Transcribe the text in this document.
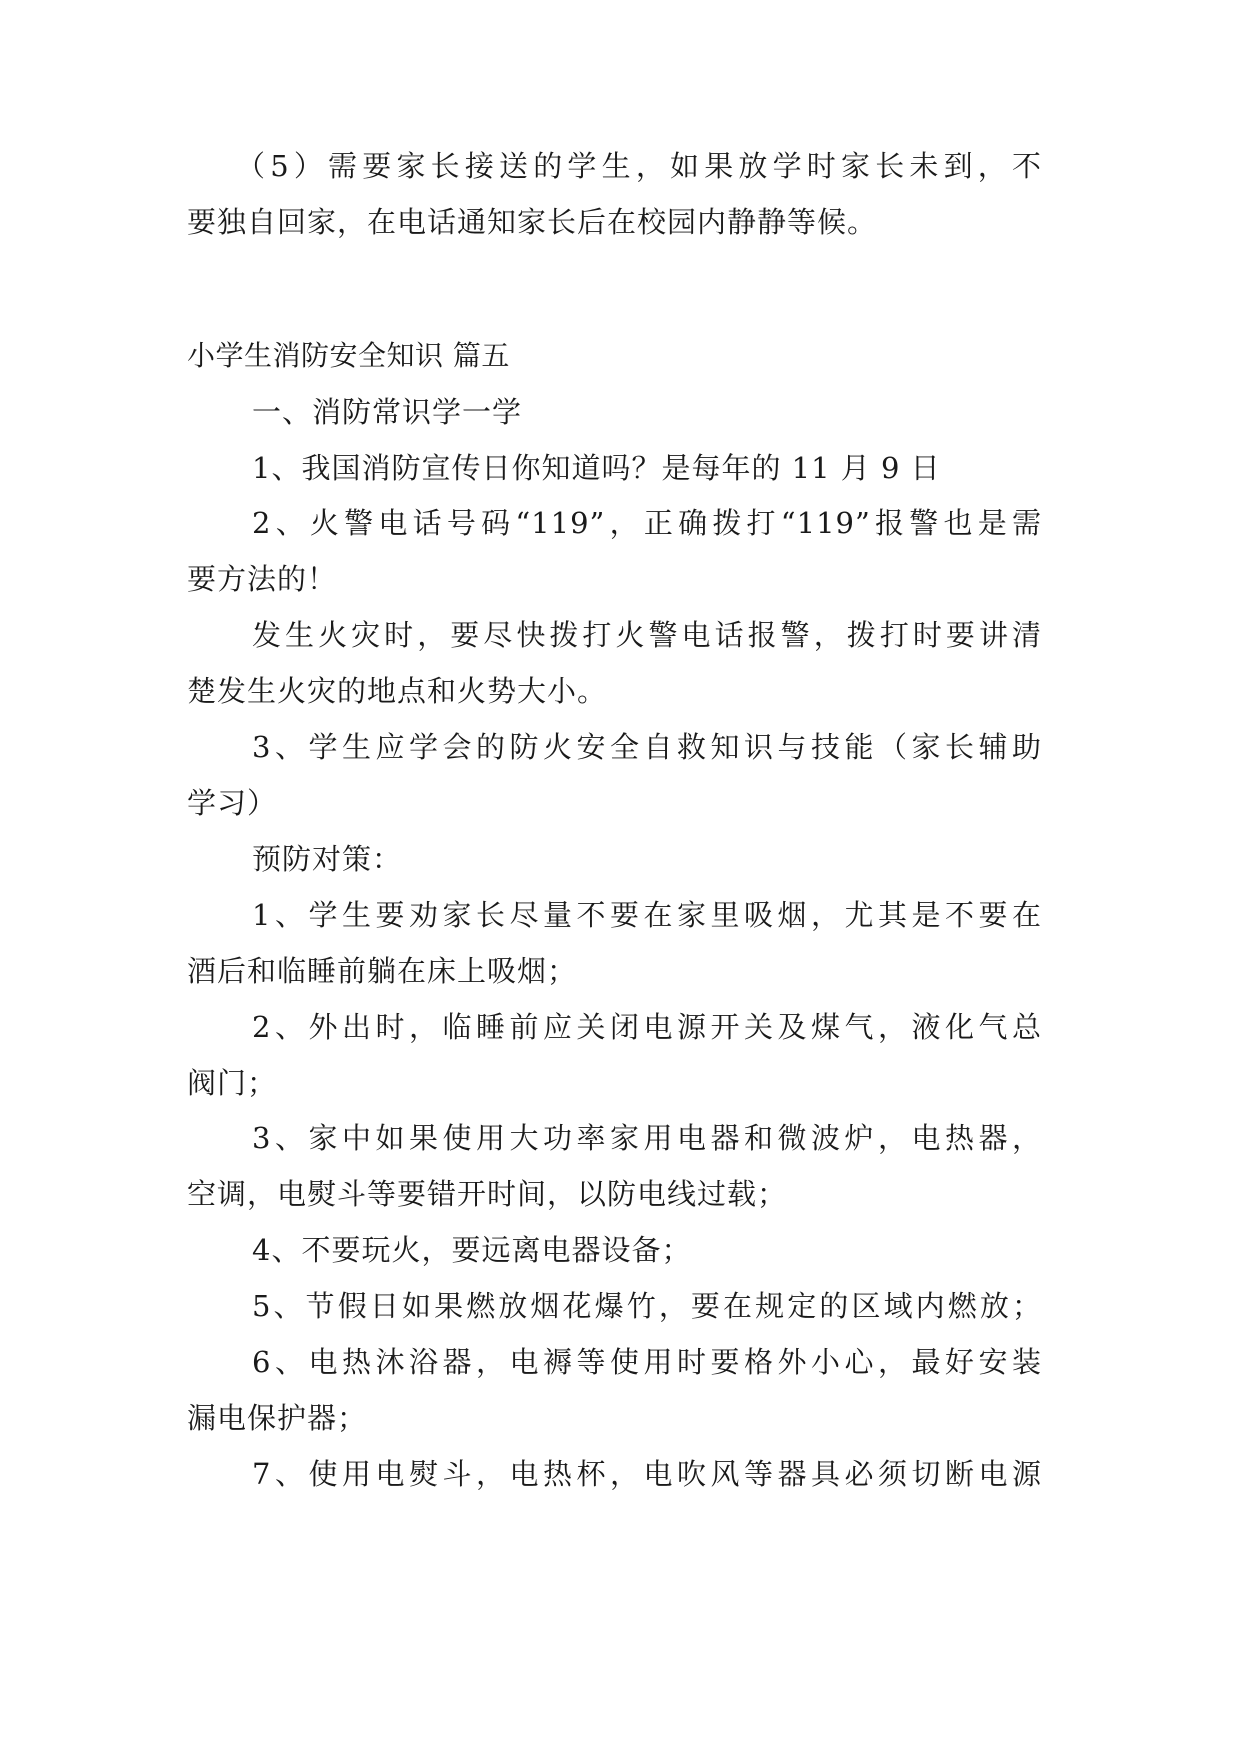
（5）需要家长接送的学生，如果放学时家长未到，不

要独自回家，在电话通知家长后在校园内静静等候。

小学生消防安全知识 篇五

一、消防常识学一学

1、我国消防宣传日你知道吗？是每年的 11 月 9 日

2、火警电话号码“119”，正确拨打“119”报警也是需

要方法的！

发生火灾时，要尽快拨打火警电话报警，拨打时要讲清

楚发生火灾的地点和火势大小。

3、学生应学会的防火安全自救知识与技能（家长辅助

学习）

预防对策：

1、学生要劝家长尽量不要在家里吸烟，尤其是不要在

酒后和临睡前躺在床上吸烟；

2、外出时，临睡前应关闭电源开关及煤气，液化气总

阀门；

3、家中如果使用大功率家用电器和微波炉，电热器，

空调，电熨斗等要错开时间，以防电线过载；

4、不要玩火，要远离电器设备；

5、节假日如果燃放烟花爆竹，要在规定的区域内燃放；

6、电热沐浴器，电褥等使用时要格外小心，最好安装

漏电保护器；

7、使用电熨斗，电热杯，电吹风等器具必须切断电源
